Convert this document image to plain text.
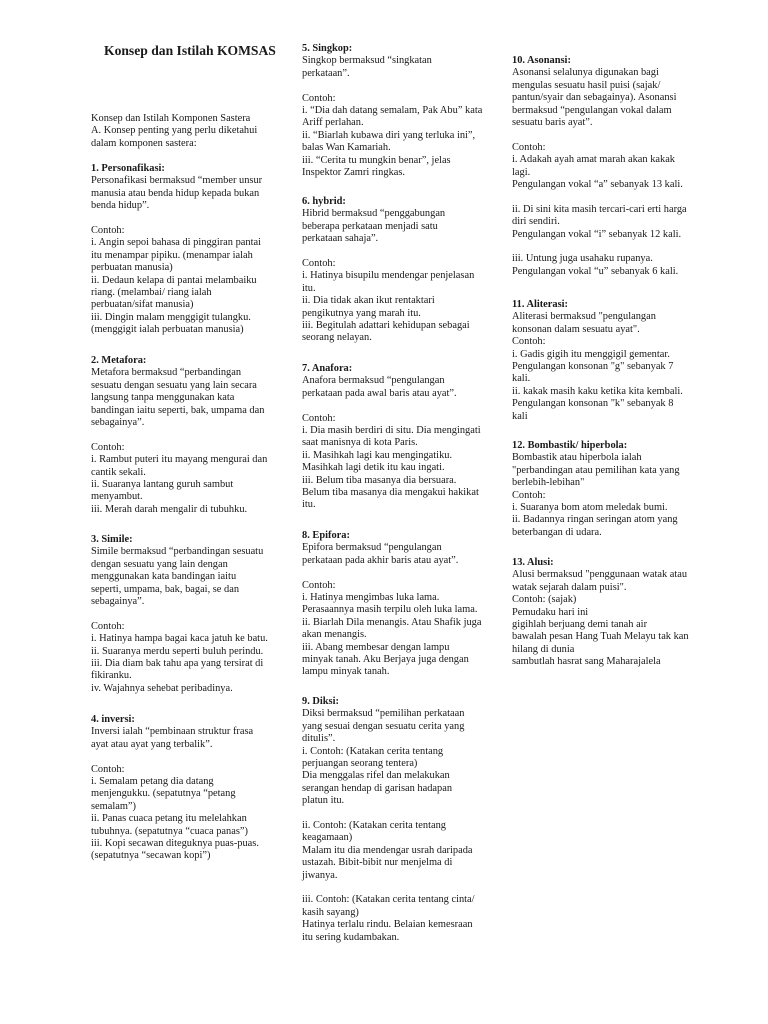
Konsep dan Istilah KOMSAS
Konsep dan Istilah Komponen Sastera
A. Konsep penting yang perlu diketahui
dalam komponen sastera:
1. Personafikasi:
Personafikasi bermaksud “member unsur
manusia atau benda hidup kepada bukan
benda hidup”.
Contoh:
i. Angin sepoi bahasa di pinggiran pantai
itu menampar pipiku. (menampar ialah
perbuatan manusia)
ii. Dedaun kelapa di pantai melambaiku
riang. (melambai/ riang ialah
perbuatan/sifat manusia)
iii. Dingin malam menggigit tulangku.
(menggigit ialah perbuatan manusia)
2. Metafora:
Metafora bermaksud “perbandingan
sesuatu dengan sesuatu yang lain secara
langsung tanpa menggunakan kata
bandingan iaitu seperti, bak, umpama dan
sebagainya”.
Contoh:
i. Rambut puteri itu mayang mengurai dan
cantik sekali.
ii. Suaranya lantang guruh sambut
menyambut.
iii. Merah darah mengalir di tubuhku.
3. Simile:
Simile bermaksud “perbandingan sesuatu
dengan sesuatu yang lain dengan
menggunakan kata bandingan iaitu
seperti, umpama, bak, bagai, se dan
sebagainya”.
Contoh:
i. Hatinya hampa bagai kaca jatuh ke batu.
ii. Suaranya merdu seperti buluh perindu.
iii. Dia diam bak tahu apa yang tersirat di
fikiranku.
iv. Wajahnya sehebat peribadinya.
4. inversi:
Inversi ialah “pembinaan struktur frasa
ayat atau ayat yang terbalik”.
Contoh:
i. Semalam petang dia datang
menjengukku. (sepatutnya “petang
semalam”)
ii. Panas cuaca petang itu melelahkan
tubuhnya. (sepatutnya “cuaca panas”)
iii. Kopi secawan diteguknya puas-puas.
(sepatutnya “secawan kopi”)
5. Singkop:
Singkop bermaksud “singkatan
perkataan”.
Contoh:
i. “Dia dah datang semalam, Pak Abu” kata
Ariff perlahan.
ii. “Biarlah kubawa diri yang terluka ini”,
balas Wan Kamariah.
iii. “Cerita tu mungkin benar”, jelas
Inspektor Zamri ringkas.
6. hybrid:
Hibrid bermaksud “penggabungan
beberapa perkataan menjadi satu
perkataan sahaja”.
Contoh:
i. Hatinya bisupilu mendengar penjelasan
itu.
ii. Dia tidak akan ikut rentaktari
pengikutnya yang marah itu.
iii. Begitulah adattari kehidupan sebagai
seorang nelayan.
7. Anafora:
Anafora bermaksud “pengulangan
perkataan pada awal baris atau ayat”.
Contoh:
i. Dia masih berdiri di situ. Dia mengingati
saat manisnya di kota Paris.
ii. Masihkah lagi kau mengingatiku.
Masihkah lagi detik itu kau ingati.
iii. Belum tiba masanya dia bersuara.
Belum tiba masanya dia mengakui hakikat
itu.
8. Epifora:
Epifora bermaksud “pengulangan
perkataan pada akhir baris atau ayat”.
Contoh:
i. Hatinya mengimbas luka lama.
Perasaannya masih terpilu oleh luka lama.
ii. Biarlah Dila menangis. Atau Shafik juga
akan menangis.
iii. Abang membesar dengan lampu
minyak tanah. Aku Berjaya juga dengan
lampu minyak tanah.
9. Diksi:
Diksi bermaksud “pemilihan perkataan
yang sesuai dengan sesuatu cerita yang
ditulis”.
i. Contoh: (Katakan cerita tentang
perjuangan seorang tentera)
Dia menggalas rifel dan melakukan
serangan hendap di garisan hadapan
platun itu.
ii. Contoh: (Katakan cerita tentang
keagamaan)
Malam itu dia mendengar usrah daripada
ustazah. Bibit-bibit nur menjelma di
jiwanya.
iii. Contoh: (Katakan cerita tentang cinta/
kasih sayang)
Hatinya terlalu rindu. Belaian kemesraan
itu sering kudambakan.
10. Asonansi:
Asonansi selalunya digunakan bagi
mengulas sesuatu hasil puisi (sajak/
pantun/syair dan sebagainya). Asonansi
bermaksud “pengulangan vokal dalam
sesuatu baris ayat”.
Contoh:
i. Adakah ayah amat marah akan kakak
lagi.
Pengulangan vokal “a” sebanyak 13 kali.
ii. Di sini kita masih tercari-cari erti harga
diri sendiri.
Pengulangan vokal “i” sebanyak 12 kali.
iii. Untung juga usahaku rupanya.
Pengulangan vokal “u” sebanyak 6 kali.
11. Aliterasi:
Aliterasi bermaksud "pengulangan
konsonan dalam sesuatu ayat".
Contoh:
i. Gadis gigih itu menggigil gementar.
Pengulangan konsonan "g" sebanyak 7
kali.
ii. kakak masih kaku ketika kita kembali.
Pengulangan konsonan "k" sebanyak 8
kali
12. Bombastik/ hiperbola:
Bombastik atau hiperbola ialah
"perbandingan atau pemilihan kata yang
berlebih-lebihan"
Contoh:
i. Suaranya bom atom meledak bumi.
ii. Badannya ringan seringan atom yang
beterbangan di udara.
13. Alusi:
Alusi bermaksud "penggunaan watak atau
watak sejarah dalam puisi".
Contoh: (sajak)
Pemudaku hari ini
gigihlah berjuang demi tanah air
bawalah pesan Hang Tuah Melayu tak kan
hilang di dunia
sambutlah hasrat sang Maharajalela
